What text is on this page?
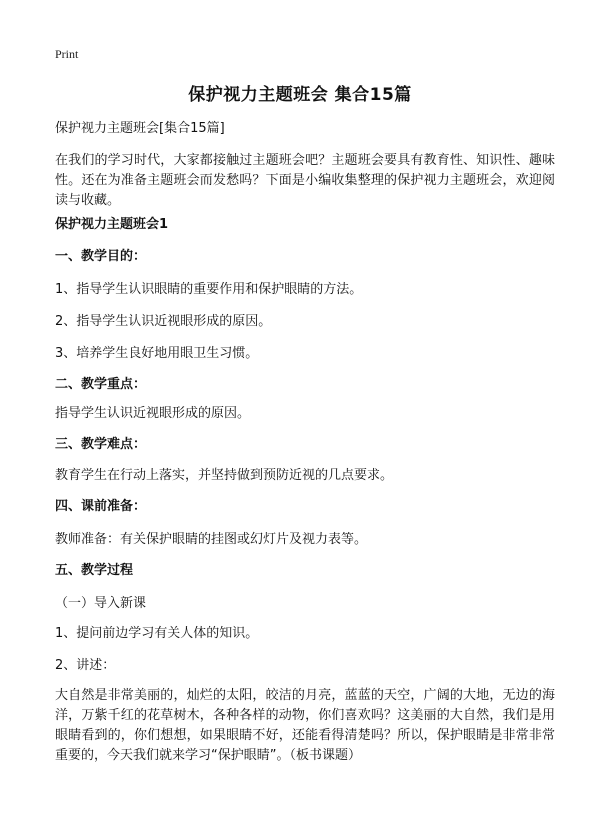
Print
保护视力主题班会 集合15篇

保护视力主题班会[集合15篇]

在我们的学习时代，大家都接触过主题班会吧？主题班会要具有教育性、知识性、趣味性。还在为准备主题班会而发愁吗？下面是小编收集整理的保护视力主题班会，欢迎阅读与收藏。

保护视力主题班会1

一、教学目的：

1、指导学生认识眼睛的重要作用和保护眼睛的方法。

2、指导学生认识近视眼形成的原因。

3、培养学生良好地用眼卫生习惯。

二、教学重点：

指导学生认识近视眼形成的原因。

三、教学难点：

教育学生在行动上落实，并坚持做到预防近视的几点要求。

四、课前准备：

教师准备：有关保护眼睛的挂图或幻灯片及视力表等。

五、教学过程

（一）导入新课

1、提问前边学习有关人体的知识。

2、讲述：

大自然是非常美丽的，灿烂的太阳，皎洁的月亮，蓝蓝的天空，广阔的大地，无边的海洋，万紫千红的花草树木，各种各样的动物，你们喜欢吗？这美丽的大自然，我们是用眼睛看到的，你们想想，如果眼睛不好，还能看得清楚吗？所以，保护眼睛是非常非常重要的，今天我们就来学习“保护眼睛”。（板书课题）
